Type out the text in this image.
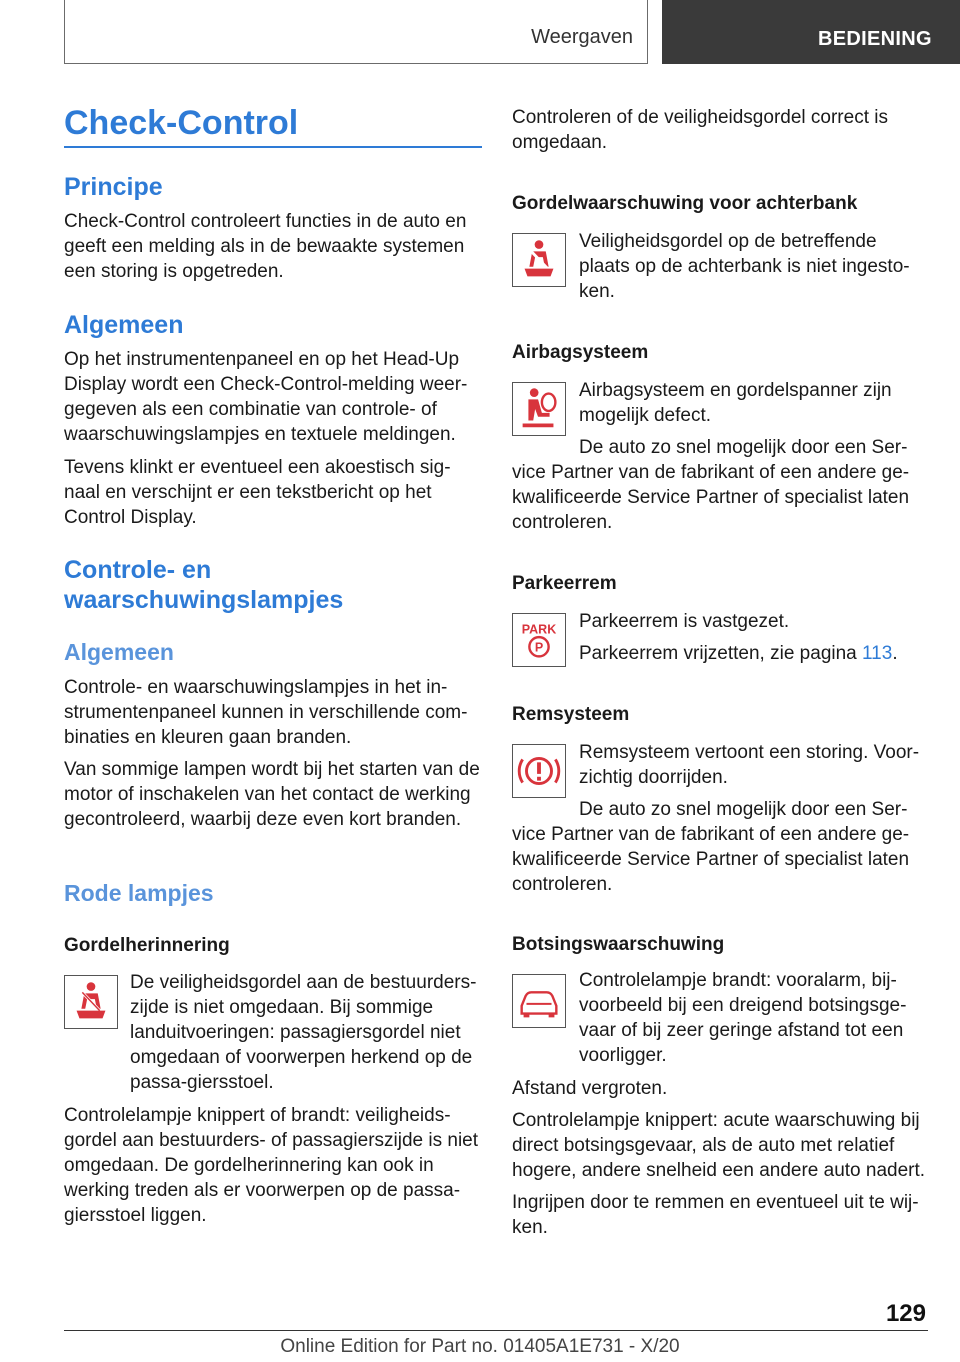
Weergaven	BEDIENING
Check-Control
Principe

Check-Control controleert functies in de auto en geeft een melding als in de bewaakte systemen een storing is opgetreden.

Algemeen

Op het instrumentenpaneel en op het Head-Up Display wordt een Check-Control-melding weer-gegeven als een combinatie van controle- of waarschuwingslampjes en textuele meldingen.

Tevens klinkt er eventueel een akoestisch sig-naal en verschijnt er een tekstbericht op het Control Display.

Controle- en
waarschuwingslampjes
Algemeen

Controle- en waarschuwingslampjes in het in-strumentenpaneel kunnen in verschillende com-binaties en kleuren gaan branden.

Van sommige lampen wordt bij het starten van de motor of inschakelen van het contact de werking gecontroleerd, waarbij deze even kort branden.

Rode lampjes
Gordelherinnering

De veiligheidsgordel aan de bestuurders-zijde is niet omgedaan. Bij sommige landuitvoeringen: passagiersgordel niet omgedaan of voorwerpen herkend op de passa-giersstoel.

Controlelampje knippert of brandt: veiligheids-gordel aan bestuurders- of passagierszijde is niet omgedaan. De gordelherinnering kan ook in werking treden als er voorwerpen op de passa-giersstoel liggen.

Controleren of de veiligheidsgordel correct is omgedaan.

Gordelwaarschuwing voor achterbank

Veiligheidsgordel op de betreffende plaats op de achterbank is niet ingesto-ken.

Airbagsysteem

Airbagsysteem en gordelspanner zijn mogelijk defect.

De auto zo snel mogelijk door een Ser-vice Partner van de fabrikant of een andere ge-kwalificeerde Service Partner of specialist laten controleren.

Parkeerrem
PARK
P

Parkeerrem is vastgezet.

Parkeerrem vrijzetten, zie pagina 113.

Remsysteem

Remsysteem vertoont een storing. Voor-zichtig doorrijden.

De auto zo snel mogelijk door een Ser-vice Partner van de fabrikant of een andere ge-kwalificeerde Service Partner of specialist laten controleren.

Botsingswaarschuwing

Controlelampje brandt: vooralarm, bij-voorbeeld bij een dreigend botsingsge-vaar of bij zeer geringe afstand tot een voorligger.

Afstand vergroten.

Controlelampje knippert: acute waarschuwing bij direct botsingsgevaar, als de auto met relatief hogere, andere snelheid een andere auto nadert.

Ingrijpen door te remmen en eventueel uit te wij-ken.

129
Online Edition for Part no. 01405A1E731 - X/20
